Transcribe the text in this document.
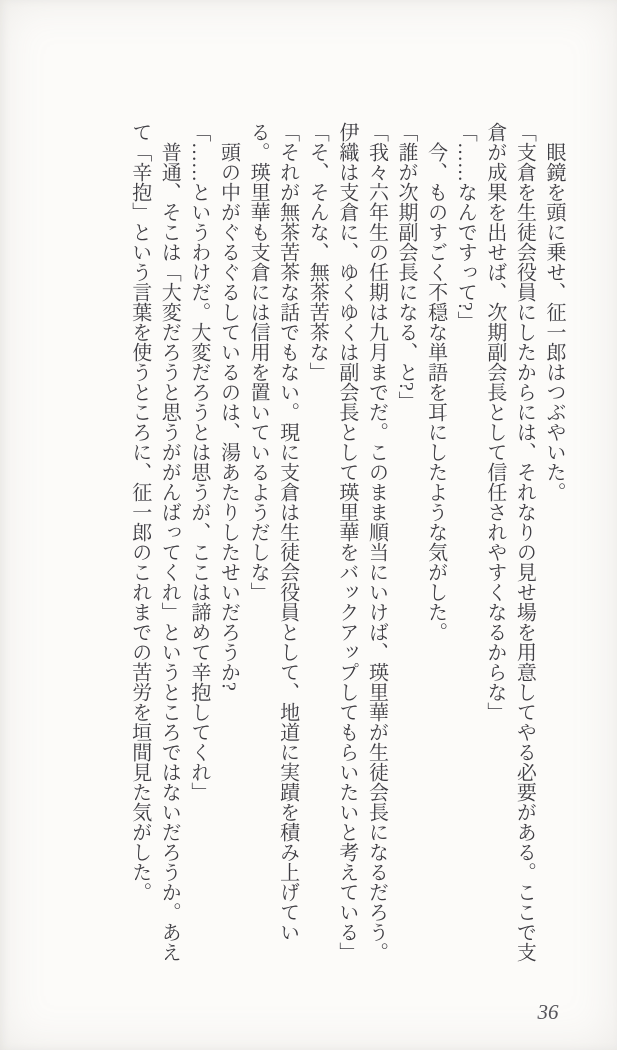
眼鏡を頭に乗せ、征一郎はつぶやいた。

「支倉を生徒会役員にしたからには、それなりの見せ場を用意してやる必要がある。ここで支倉が成果を出せば、次期副会長として信任されやすくなるからな」

「……なんですって?」

今、ものすごく不穏な単語を耳にしたような気がした。

「誰が次期副会長になる、と?」

「我々六年生の任期は九月までだ。このまま順当にいけば、瑛里華が生徒会長になるだろう。伊織は支倉に、ゆくゆくは副会長として瑛里華をバックアップしてもらいたいと考えている」

「そ、そんな、無茶苦茶な」

「それが無茶苦茶な話でもない。現に支倉は生徒会役員として、地道に実蹟を積み上げている。瑛里華も支倉には信用を置いているようだしな」

頭の中がぐるぐるしているのは、湯あたりしたせいだろうか?

「……というわけだ。大変だろうとは思うが、ここは諦めて辛抱してくれ」

普通、そこは「大変だろうと思うががんばってくれ」というところではないだろうか。あえて「辛抱」という言葉を使うところに、征一郎のこれまでの苦労を垣間見た気がした。

36
